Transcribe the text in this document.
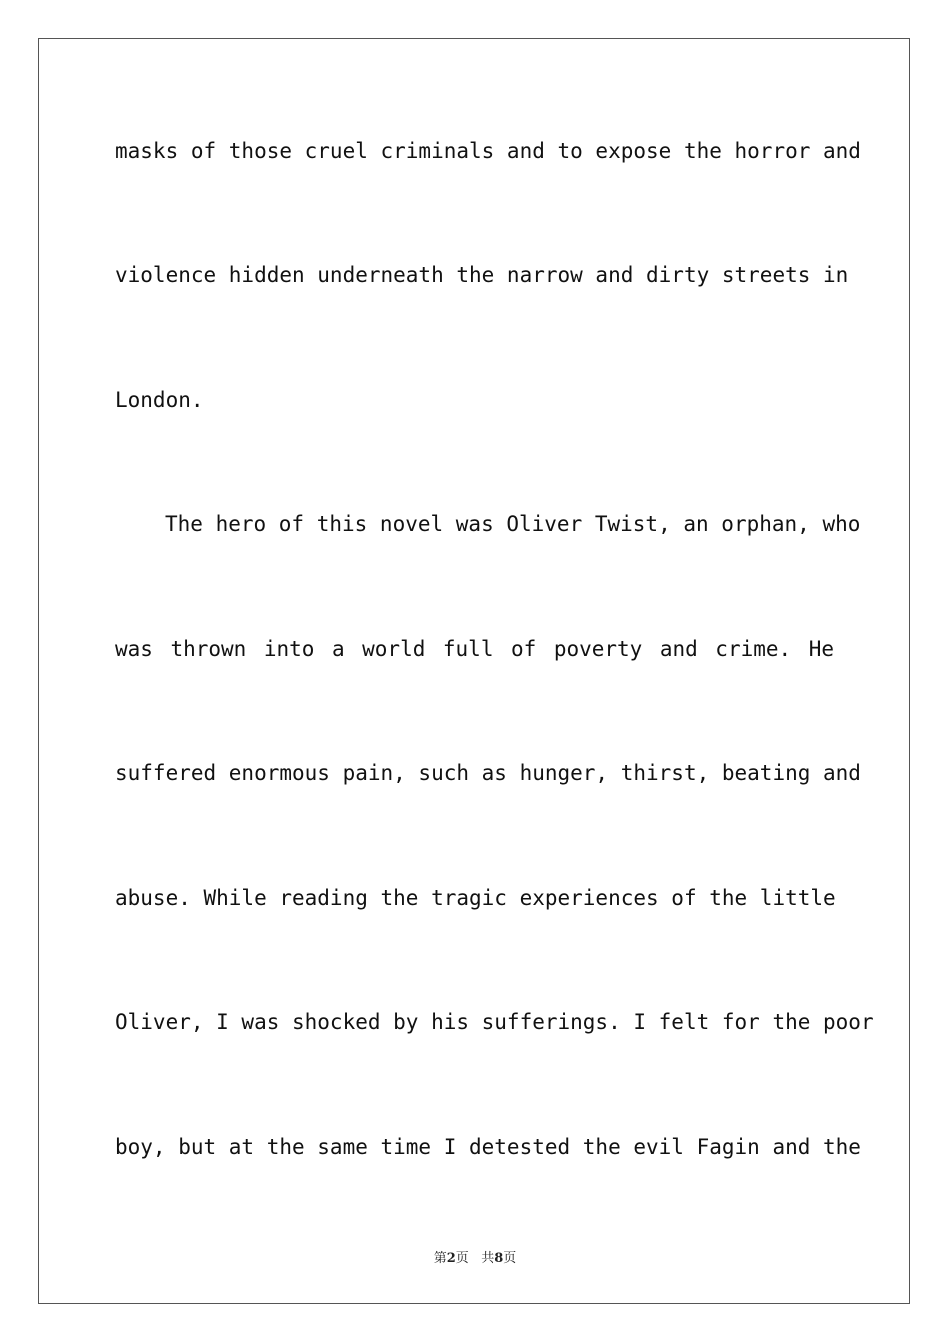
masks of those cruel criminals and to expose the horror and

violence hidden underneath the narrow and dirty streets in

London.

The hero of this novel was Oliver Twist, an orphan, who

was thrown into a world full of poverty and crime. He

suffered enormous pain, such as hunger, thirst, beating and

abuse. While reading the tragic experiences of the little

Oliver, I was shocked by his sufferings. I felt for the poor

boy, but at the same time I detested the evil Fagin and the

第2页 共8页
